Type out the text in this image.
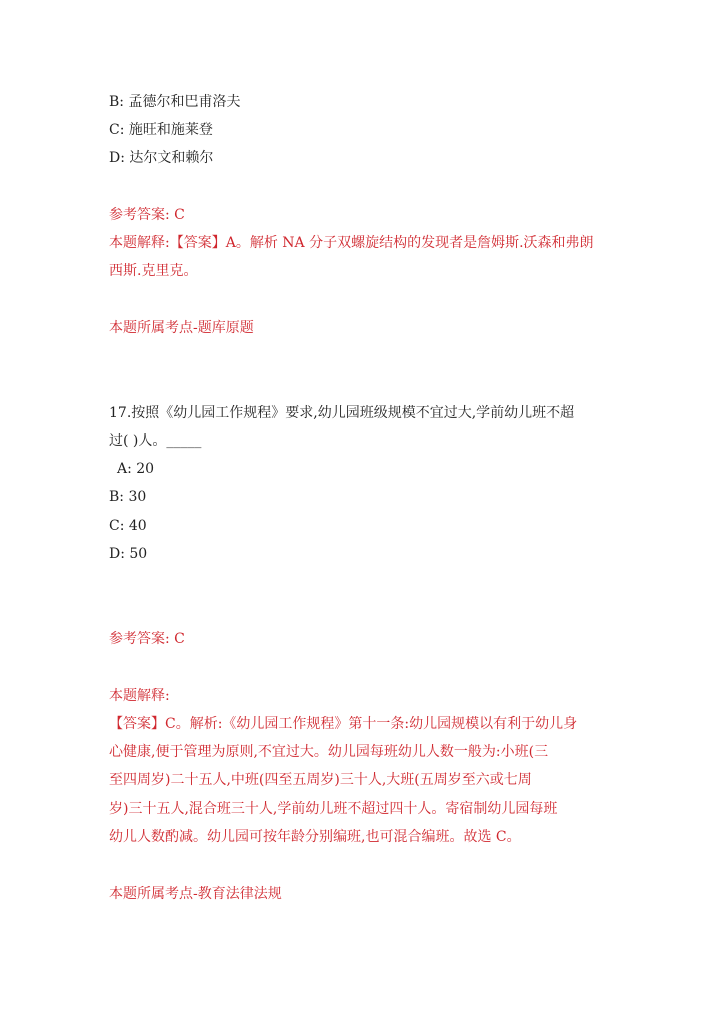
B: 孟德尔和巴甫洛夫
C: 施旺和施莱登
D: 达尔文和赖尔
参考答案: C
本题解释:【答案】A。解析 NA 分子双螺旋结构的发现者是詹姆斯.沃森和弗朗
西斯.克里克。
本题所属考点-题库原题
17.按照《幼儿园工作规程》要求,幼儿园班级规模不宜过大,学前幼儿班不超
过( )人。_____
A: 20
B: 30
C: 40
D: 50
参考答案: C
本题解释:
【答案】C。解析:《幼儿园工作规程》第十一条:幼儿园规模以有利于幼儿身
心健康,便于管理为原则,不宜过大。幼儿园每班幼儿人数一般为:小班(三
至四周岁)二十五人,中班(四至五周岁)三十人,大班(五周岁至六或七周
岁)三十五人,混合班三十人,学前幼儿班不超过四十人。寄宿制幼儿园每班
幼儿人数酌减。幼儿园可按年龄分别编班,也可混合编班。故选 C。
本题所属考点-教育法律法规
